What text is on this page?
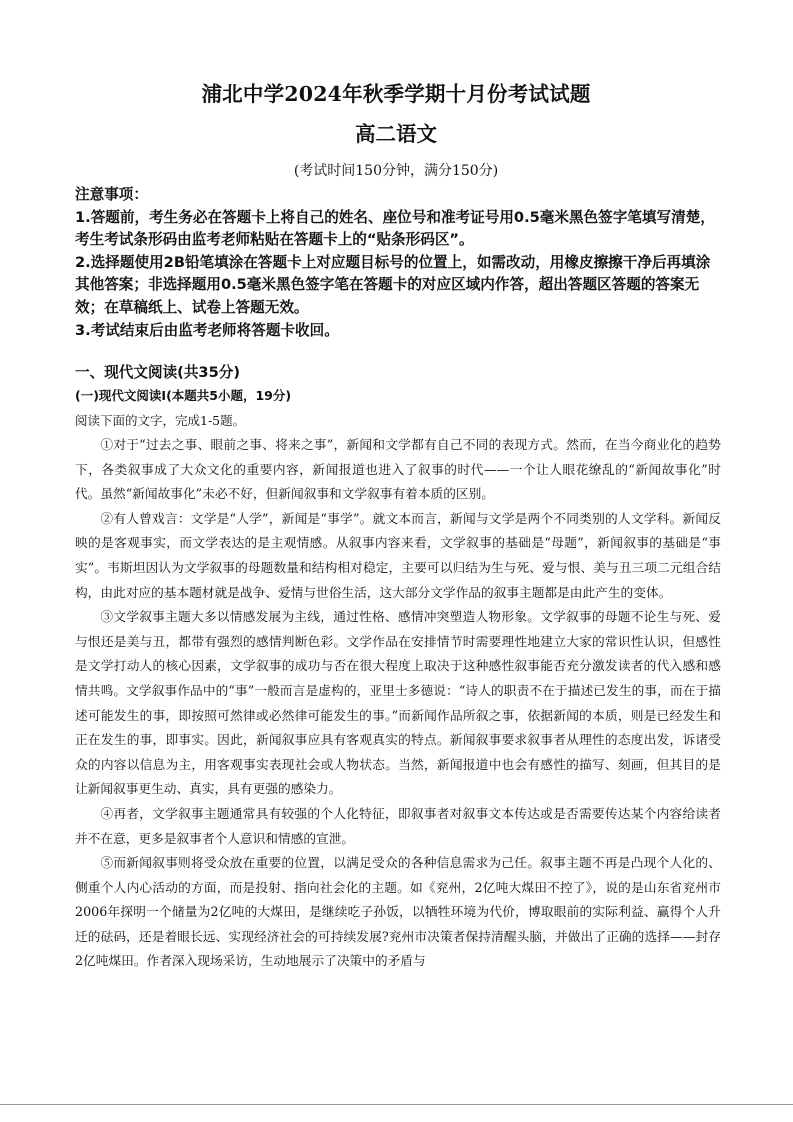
浦北中学2024年秋季学期十月份考试试题
高二语文
(考试时间150分钟，满分150分)

注意事项：

1.答题前，考生务必在答题卡上将自己的姓名、座位号和准考证号用0.5毫米黑色签字笔填写清楚，考生考试条形码由监考老师粘贴在答题卡上的“贴条形码区”。

2.选择题使用2B铅笔填涂在答题卡上对应题目标号的位置上，如需改动，用橡皮擦擦干净后再填涂其他答案；非选择题用0.5毫米黑色签字笔在答题卡的对应区域内作答，超出答题区答题的答案无效；在草稿纸上、试卷上答题无效。

3.考试结束后由监考老师将答题卡收回。

一、现代文阅读(共35分)
(一)现代文阅读Ⅰ(本题共5小题，19分)
阅读下面的文字，完成1-5题。

①对于“过去之事、眼前之事、将来之事”，新闻和文学都有自己不同的表现方式。然而，在当今商业化的趋势下，各类叙事成了大众文化的重要内容，新闻报道也进入了叙事的时代——一个让人眼花缭乱的“新闻故事化”时代。虽然“新闻故事化”未必不好，但新闻叙事和文学叙事有着本质的区别。

②有人曾戏言：文学是“人学”，新闻是“事学”。就文本而言，新闻与文学是两个不同类别的人文学科。新闻反映的是客观事实，而文学表达的是主观情感。从叙事内容来看，文学叙事的基础是“母题”，新闻叙事的基础是“事实”。韦斯坦因认为文学叙事的母题数量和结构相对稳定，主要可以归结为生与死、爱与恨、美与丑三项二元组合结构，由此对应的基本题材就是战争、爱情与世俗生活，这大部分文学作品的叙事主题都是由此产生的变体。

③文学叙事主题大多以情感发展为主线，通过性格、感情冲突塑造人物形象。文学叙事的母题不论生与死、爱与恨还是美与丑，都带有强烈的感情判断色彩。文学作品在安排情节时需要理性地建立大家的常识性认识，但感性是文学打动人的核心因素，文学叙事的成功与否在很大程度上取决于这种感性叙事能否充分激发读者的代入感和感情共鸣。文学叙事作品中的“事”一般而言是虚构的，亚里士多德说：“诗人的职责不在于描述已发生的事，而在于描述可能发生的事，即按照可然律或必然律可能发生的事。”而新闻作品所叙之事，依据新闻的本质，则是已经发生和正在发生的事，即事实。因此，新闻叙事应具有客观真实的特点。新闻叙事要求叙事者从理性的态度出发，诉诸受众的内容以信息为主，用客观事实表现社会或人物状态。当然，新闻报道中也会有感性的描写、刻画，但其目的是让新闻叙事更生动、真实，具有更强的感染力。

④再者，文学叙事主题通常具有较强的个人化特征，即叙事者对叙事文本传达或是否需要传达某个内容给读者并不在意，更多是叙事者个人意识和情感的宣泄。

⑤而新闻叙事则将受众放在重要的位置，以满足受众的各种信息需求为己任。叙事主题不再是凸现个人化的、侧重个人内心活动的方面，而是投射、指向社会化的主题。如《兖州，2亿吨大煤田不控了》，说的是山东省兖州市2006年探明一个储量为2亿吨的大煤田，是继续吃子孙饭，以牺牲环境为代价，博取眼前的实际利益、赢得个人升迁的砝码，还是着眼长远、实现经济社会的可持续发展?兖州市决策者保持清醒头脑，并做出了正确的选择——封存2亿吨煤田。作者深入现场采访，生动地展示了决策中的矛盾与
